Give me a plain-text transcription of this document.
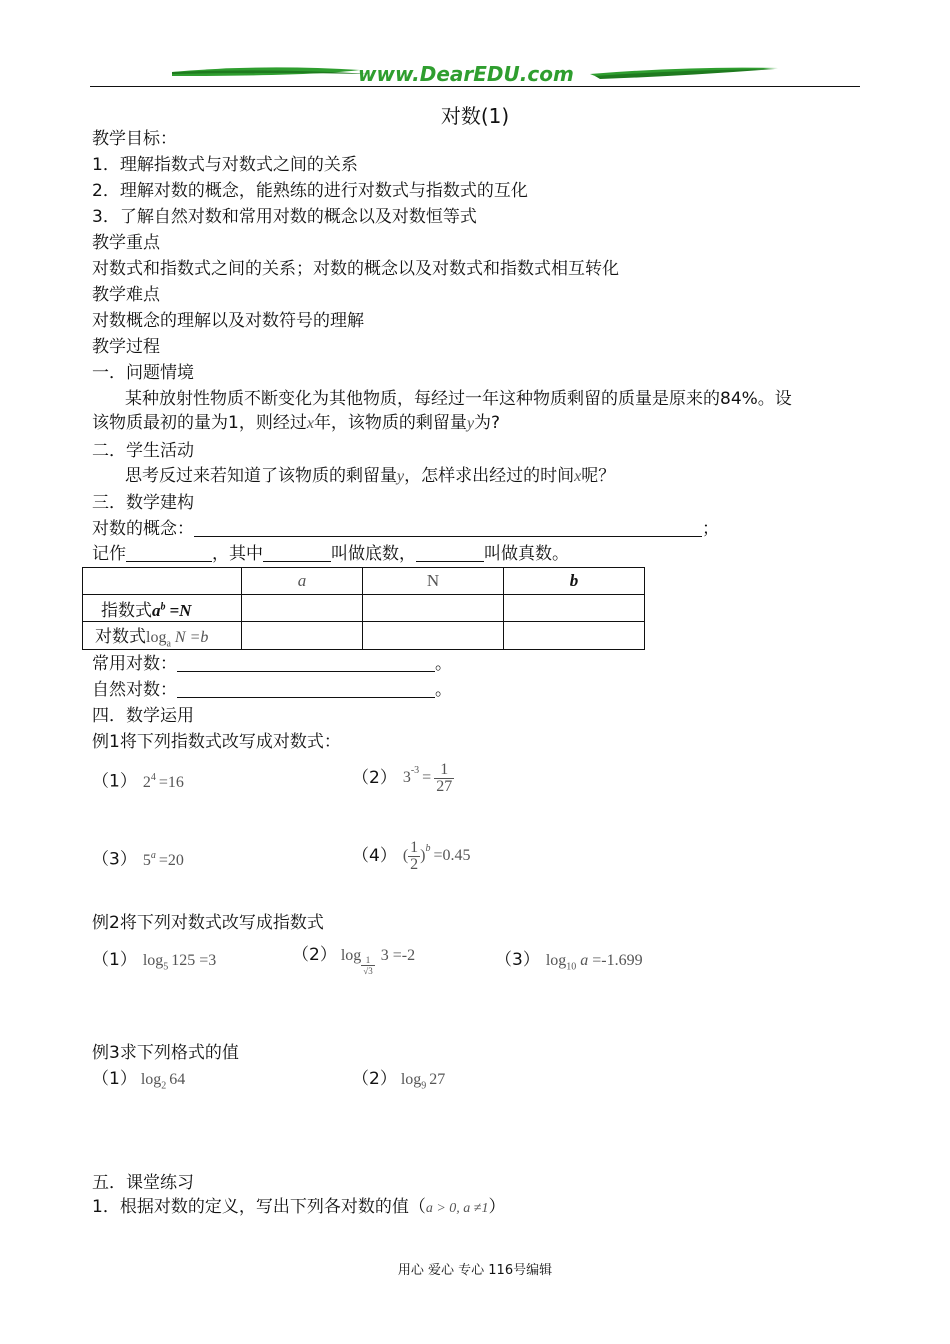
www.DearEDU.com
对数(1)
教学目标：
1．理解指数式与对数式之间的关系
2．理解对数的概念，能熟练的进行对数式与指数式的互化
3．了解自然对数和常用对数的概念以及对数恒等式
教学重点
对数式和指数式之间的关系；对数的概念以及对数式和指数式相互转化
教学难点
对数概念的理解以及对数符号的理解
教学过程
一．问题情境
某种放射性物质不断变化为其他物质，每经过一年这种物质剩留的质量是原来的84%。设
该物质最初的量为1，则经过x年，该物质的剩留量y为?
二．学生活动
思考反过来若知道了该物质的剩留量y，怎样求出经过的时间x呢？
三．数学建构
对数的概念：	；
记作	，其中	叫做底数，	叫做真数。
	a	N	b
指数式$a^b =N$			
对数式$\log_a N =b$			
常用对数：	。
自然对数：	。
四．数学运用
例1将下列指数式改写成对数式：
（1） $2^4 =16$	（2） $3^{-3} = \frac{1}{27}$
（3） $5^a =20$	（4） ( $\frac{1}{2} )^b =0.45$
例2将下列对数式改写成指数式
（1） $\log_5 125 =3$	（2） $\log \frac{1}{√3} 3 =-2$	（3） $\log_{10} a =-1.699$
例3求下列格式的值
（1） $\log_2 64$	（2） $\log_9 27$
五．课堂练习
1．根据对数的定义，写出下列各对数的值（a > 0, a ≠1）
用心 爱心 专心 116号编辑
